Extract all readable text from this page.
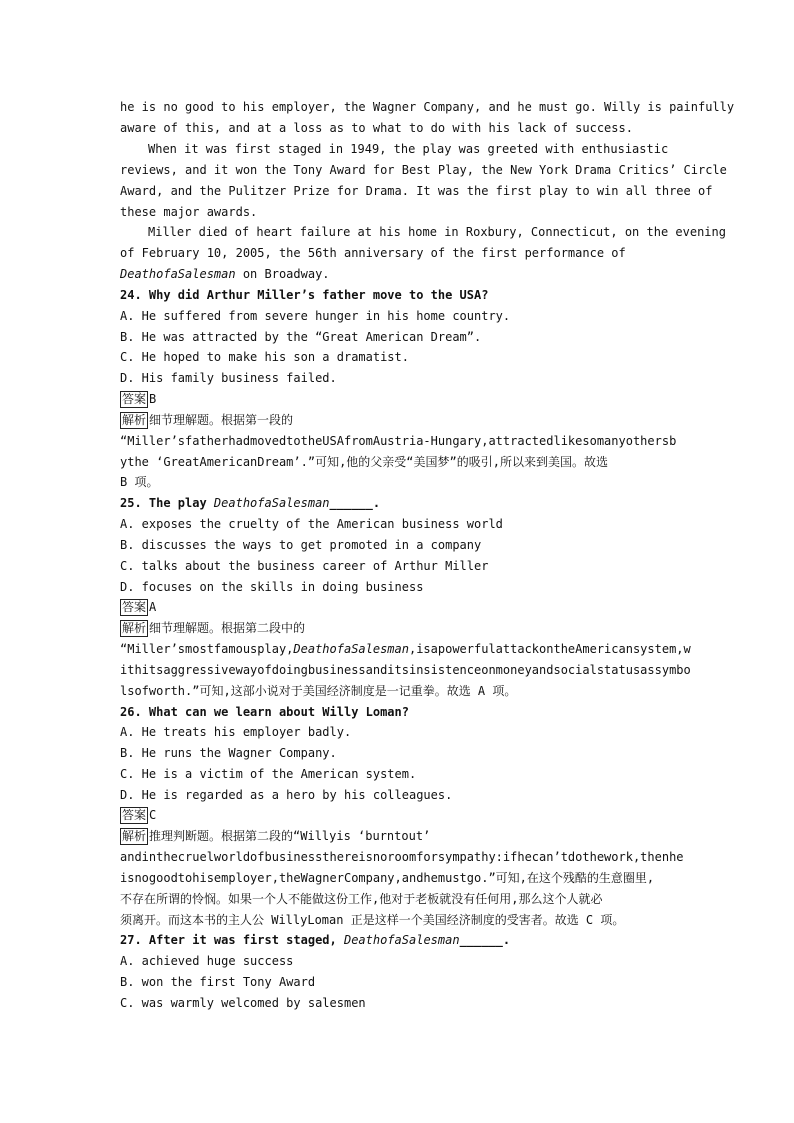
he is no good to his employer, the Wagner Company, and he must go. Willy is painfully
aware of this, and at a loss as to what to do with his lack of success.
When it was first staged in 1949, the play was greeted with enthusiastic
reviews, and it won the Tony Award for Best Play, the New York Drama Critics’ Circle
Award, and the Pulitzer Prize for Drama. It was the first play to win all three of
these major awards.
Miller died of heart failure at his home in Roxbury, Connecticut, on the evening
of February 10, 2005, the 56th anniversary of the first performance of
DeathofaSalesman on Broadway.
24. Why did Arthur Miller’s father move to the USA?
A. He suffered from severe hunger in his home country.
B. He was attracted by the “Great American Dream”.
C. He hoped to make his son a dramatist.
D. His family business failed.
答案 B
解析 细节理解题。根据第一段的
“Miller’sfatherhadmovedtotheUSAfromAustria-Hungary,attractedlikesomanyothersb
ythe ‘GreatAmericanDream’.”可知,他的父亲受“美国梦”的吸引,所以来到美国。故选
B 项。
25. The play DeathofaSalesman______.
A. exposes the cruelty of the American business world
B. discusses the ways to get promoted in a company
C. talks about the business career of Arthur Miller
D. focuses on the skills in doing business
答案 A
解析 细节理解题。根据第二段中的
“Miller’smostfamousplay,DeathofaSalesman,isapowerfulattackontheAmericansystem,w
ithitsaggressivewayofdoingbusinessanditsinsistenceonmoneyandsocialstatusassymbo
lsofworth.”可知,这部小说对于美国经济制度是一记重拳。故选 A 项。
26. What can we learn about Willy Loman?
A. He treats his employer badly.
B. He runs the Wagner Company.
C. He is a victim of the American system.
D. He is regarded as a hero by his colleagues.
答案 C
解析 推理判断题。根据第二段的“Willyis ‘burntout’
andinthecruelworldofbusinessthereisnoroomforsympathy:ifhecan’tdothework,thenhe
isnogoodtohisemployer,theWagnerCompany,andhemustgo.”可知,在这个残酷的生意圈里,
不存在所谓的怜悯。如果一个人不能做这份工作,他对于老板就没有任何用,那么这个人就必
须离开。而这本书的主人公 WillyLoman 正是这样一个美国经济制度的受害者。故选 C 项。
27. After it was first staged, DeathofaSalesman______.
A. achieved huge success
B. won the first Tony Award
C. was warmly welcomed by salesmen
